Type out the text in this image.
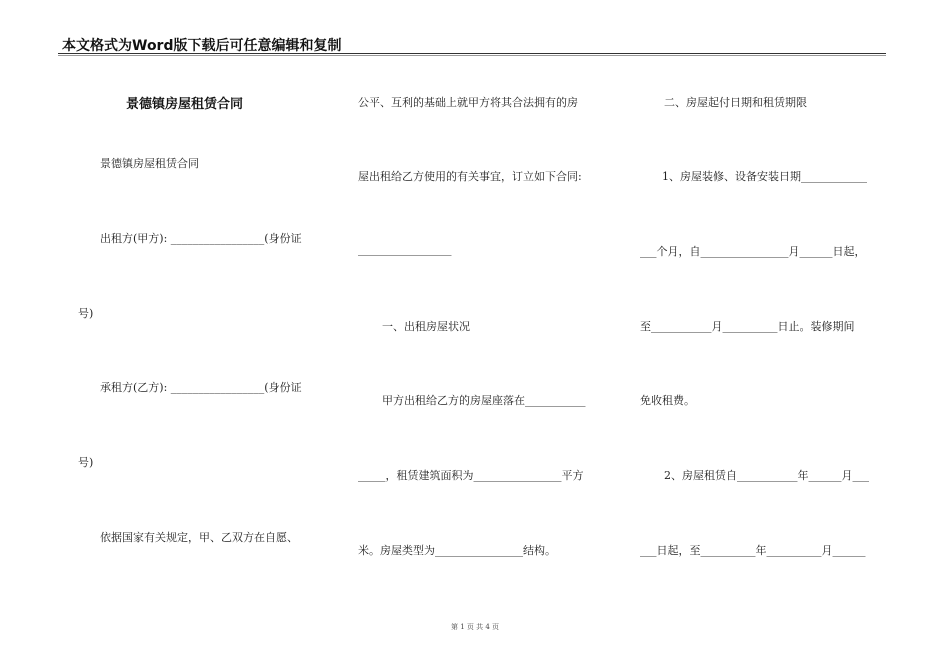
本文格式为Word版下载后可任意编辑和复制
景德镇房屋租赁合同
景德镇房屋租赁合同
出租方(甲方): _________________(身份证
号)
承租方(乙方): _________________(身份证
号)
依据国家有关规定，甲、乙双方在自愿、
公平、互利的基础上就甲方将其合法拥有的房
屋出租给乙方使用的有关事宜，订立如下合同:
_________________
一、出租房屋状况
甲方出租给乙方的房屋座落在___________
_____，租赁建筑面积为________________平方
米。房屋类型为________________结构。
二、房屋起付日期和租赁期限
1、房屋装修、设备安装日期____________
___个月，自________________月______日起，
至___________月__________日止。装修期间
免收租费。
2、房屋租赁自___________年______月___
___日起，至__________年__________月______
第 1 页 共 4 页
